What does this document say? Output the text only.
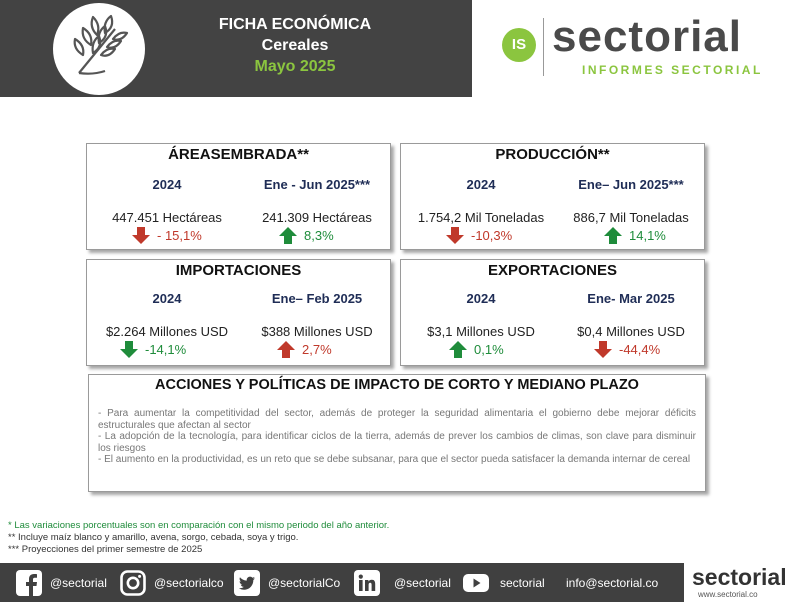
FICHA ECONÓMICA
Cereales
Mayo 2025
IS sectorial
INFORMES SECTORIAL
ÁREASEMBRADA**
2024	Ene - Jun 2025***
447.451 Hectáreas	241.309 Hectáreas
- 15,1%	8,3%
PRODUCCIÓN**
2024	Ene– Jun 2025***
1.754,2 Mil Toneladas	886,7 Mil Toneladas
-10,3%	14,1%
IMPORTACIONES
2024	Ene– Feb 2025
$2.264 Millones USD	$388 Millones USD
-14,1%	2,7%
EXPORTACIONES
2024	Ene- Mar 2025
$3,1 Millones USD	$0,4 Millones USD
0,1%	-44,4%
ACCIONES Y POLÍTICAS DE IMPACTO DE CORTO Y MEDIANO PLAZO

- Para aumentar la competitividad del sector, además de proteger la seguridad alimentaria el gobierno debe mejorar déficits estructurales que afectan al sector

- La adopción de la tecnología, para identificar ciclos de la tierra, además de prever los cambios de climas, son clave para disminuir los riesgos

- El aumento en la productividad, es un reto que se debe subsanar, para que el sector pueda satisfacer la demanda internar de cereal

* Las variaciones porcentuales son en comparación con el mismo periodo del año anterior.
** Incluye maíz blanco y amarillo, avena, sorgo, cebada, soya y trigo.
*** Proyecciones del primer semestre de 2025
@sectorial	@sectorialco	@sectorialCo	@sectorial	sectorial info@sectorial.co sectorial
www.sectorial.co
